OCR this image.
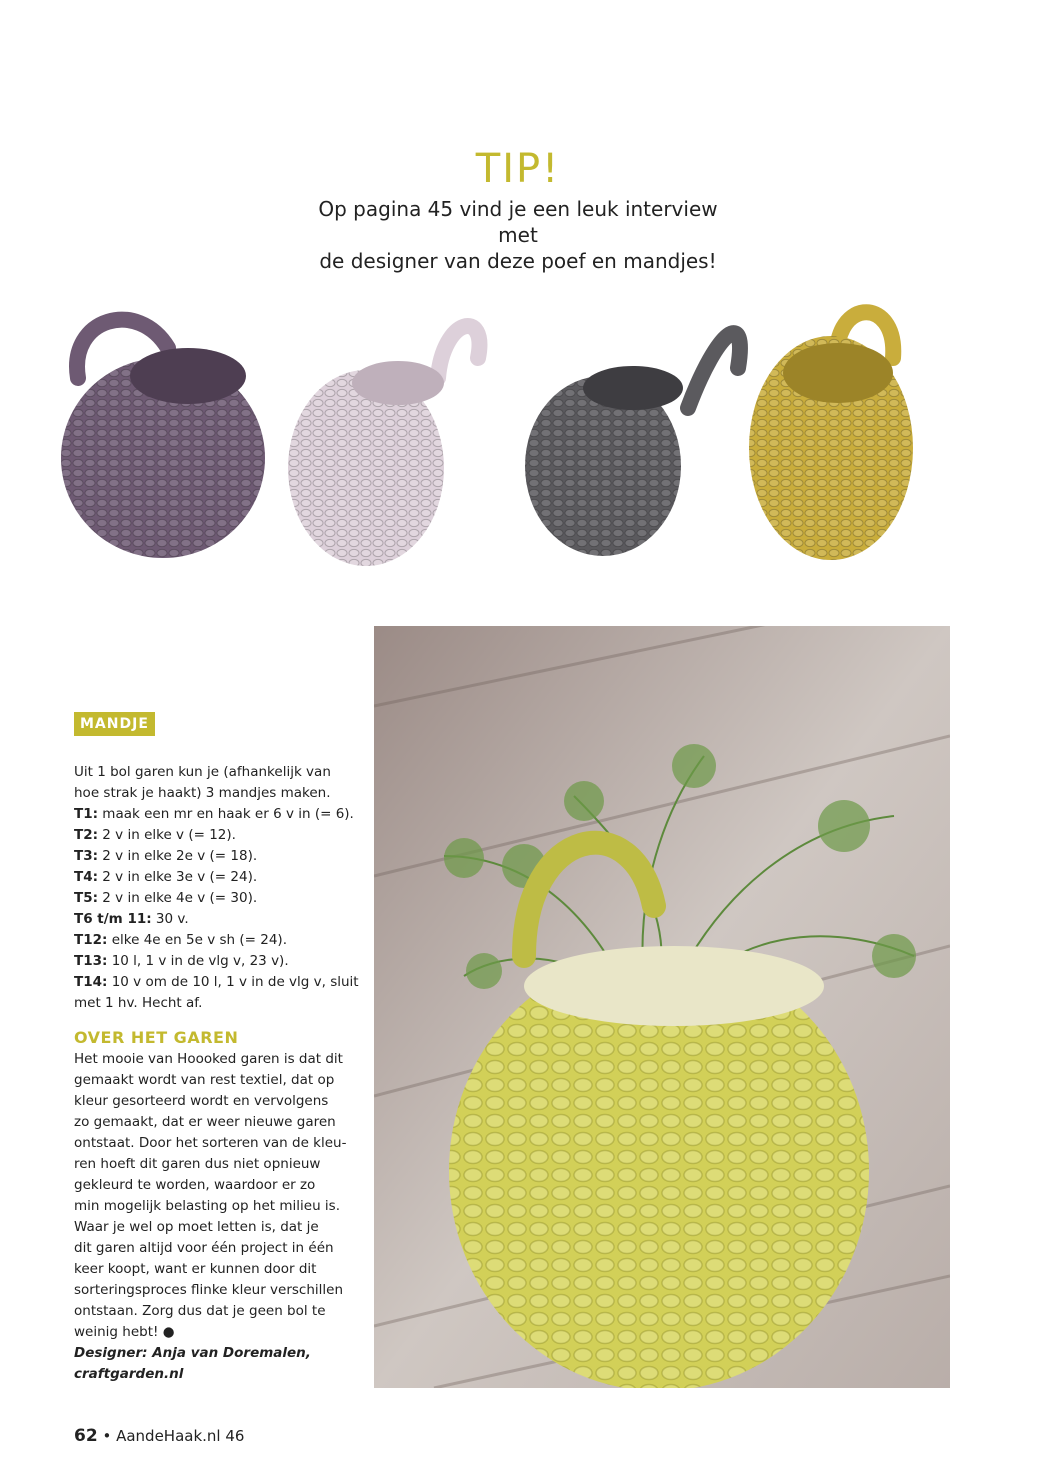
TIP!
Op pagina 45 vind je een leuk interview met
de designer van deze poef en mandjes!
MANDJE

Uit 1 bol garen kun je (afhankelijk van

hoe strak je haakt) 3 mandjes maken.

T1: maak een mr en haak er 6 v in (= 6).

T2: 2 v in elke v (= 12).

T3: 2 v in elke 2e v (= 18).

T4: 2 v in elke 3e v (= 24).

T5: 2 v in elke 4e v (= 30).

T6 t/m 11: 30 v.

T12: elke 4e en 5e v sh (= 24).

T13: 10 l, 1 v in de vlg v, 23 v).

T14: 10 v om de 10 l, 1 v in de vlg v, sluit

met 1 hv. Hecht af.

OVER HET GAREN

Het mooie van Hoooked garen is dat dit

gemaakt wordt van rest textiel, dat op

kleur gesorteerd wordt en vervolgens

zo gemaakt, dat er weer nieuwe garen

ontstaat. Door het sorteren van de kleu-

ren hoeft dit garen dus niet opnieuw

gekleurd te worden, waardoor er zo

min mogelijk belasting op het milieu is.

Waar je wel op moet letten is, dat je

dit garen altijd voor één project in één

keer koopt, want er kunnen door dit

sorteringsproces flinke kleur verschillen

ontstaan. Zorg dus dat je geen bol te

weinig hebt! ●

Designer: Anja van Doremalen,

craftgarden.nl

62 • AandeHaak.nl 46
